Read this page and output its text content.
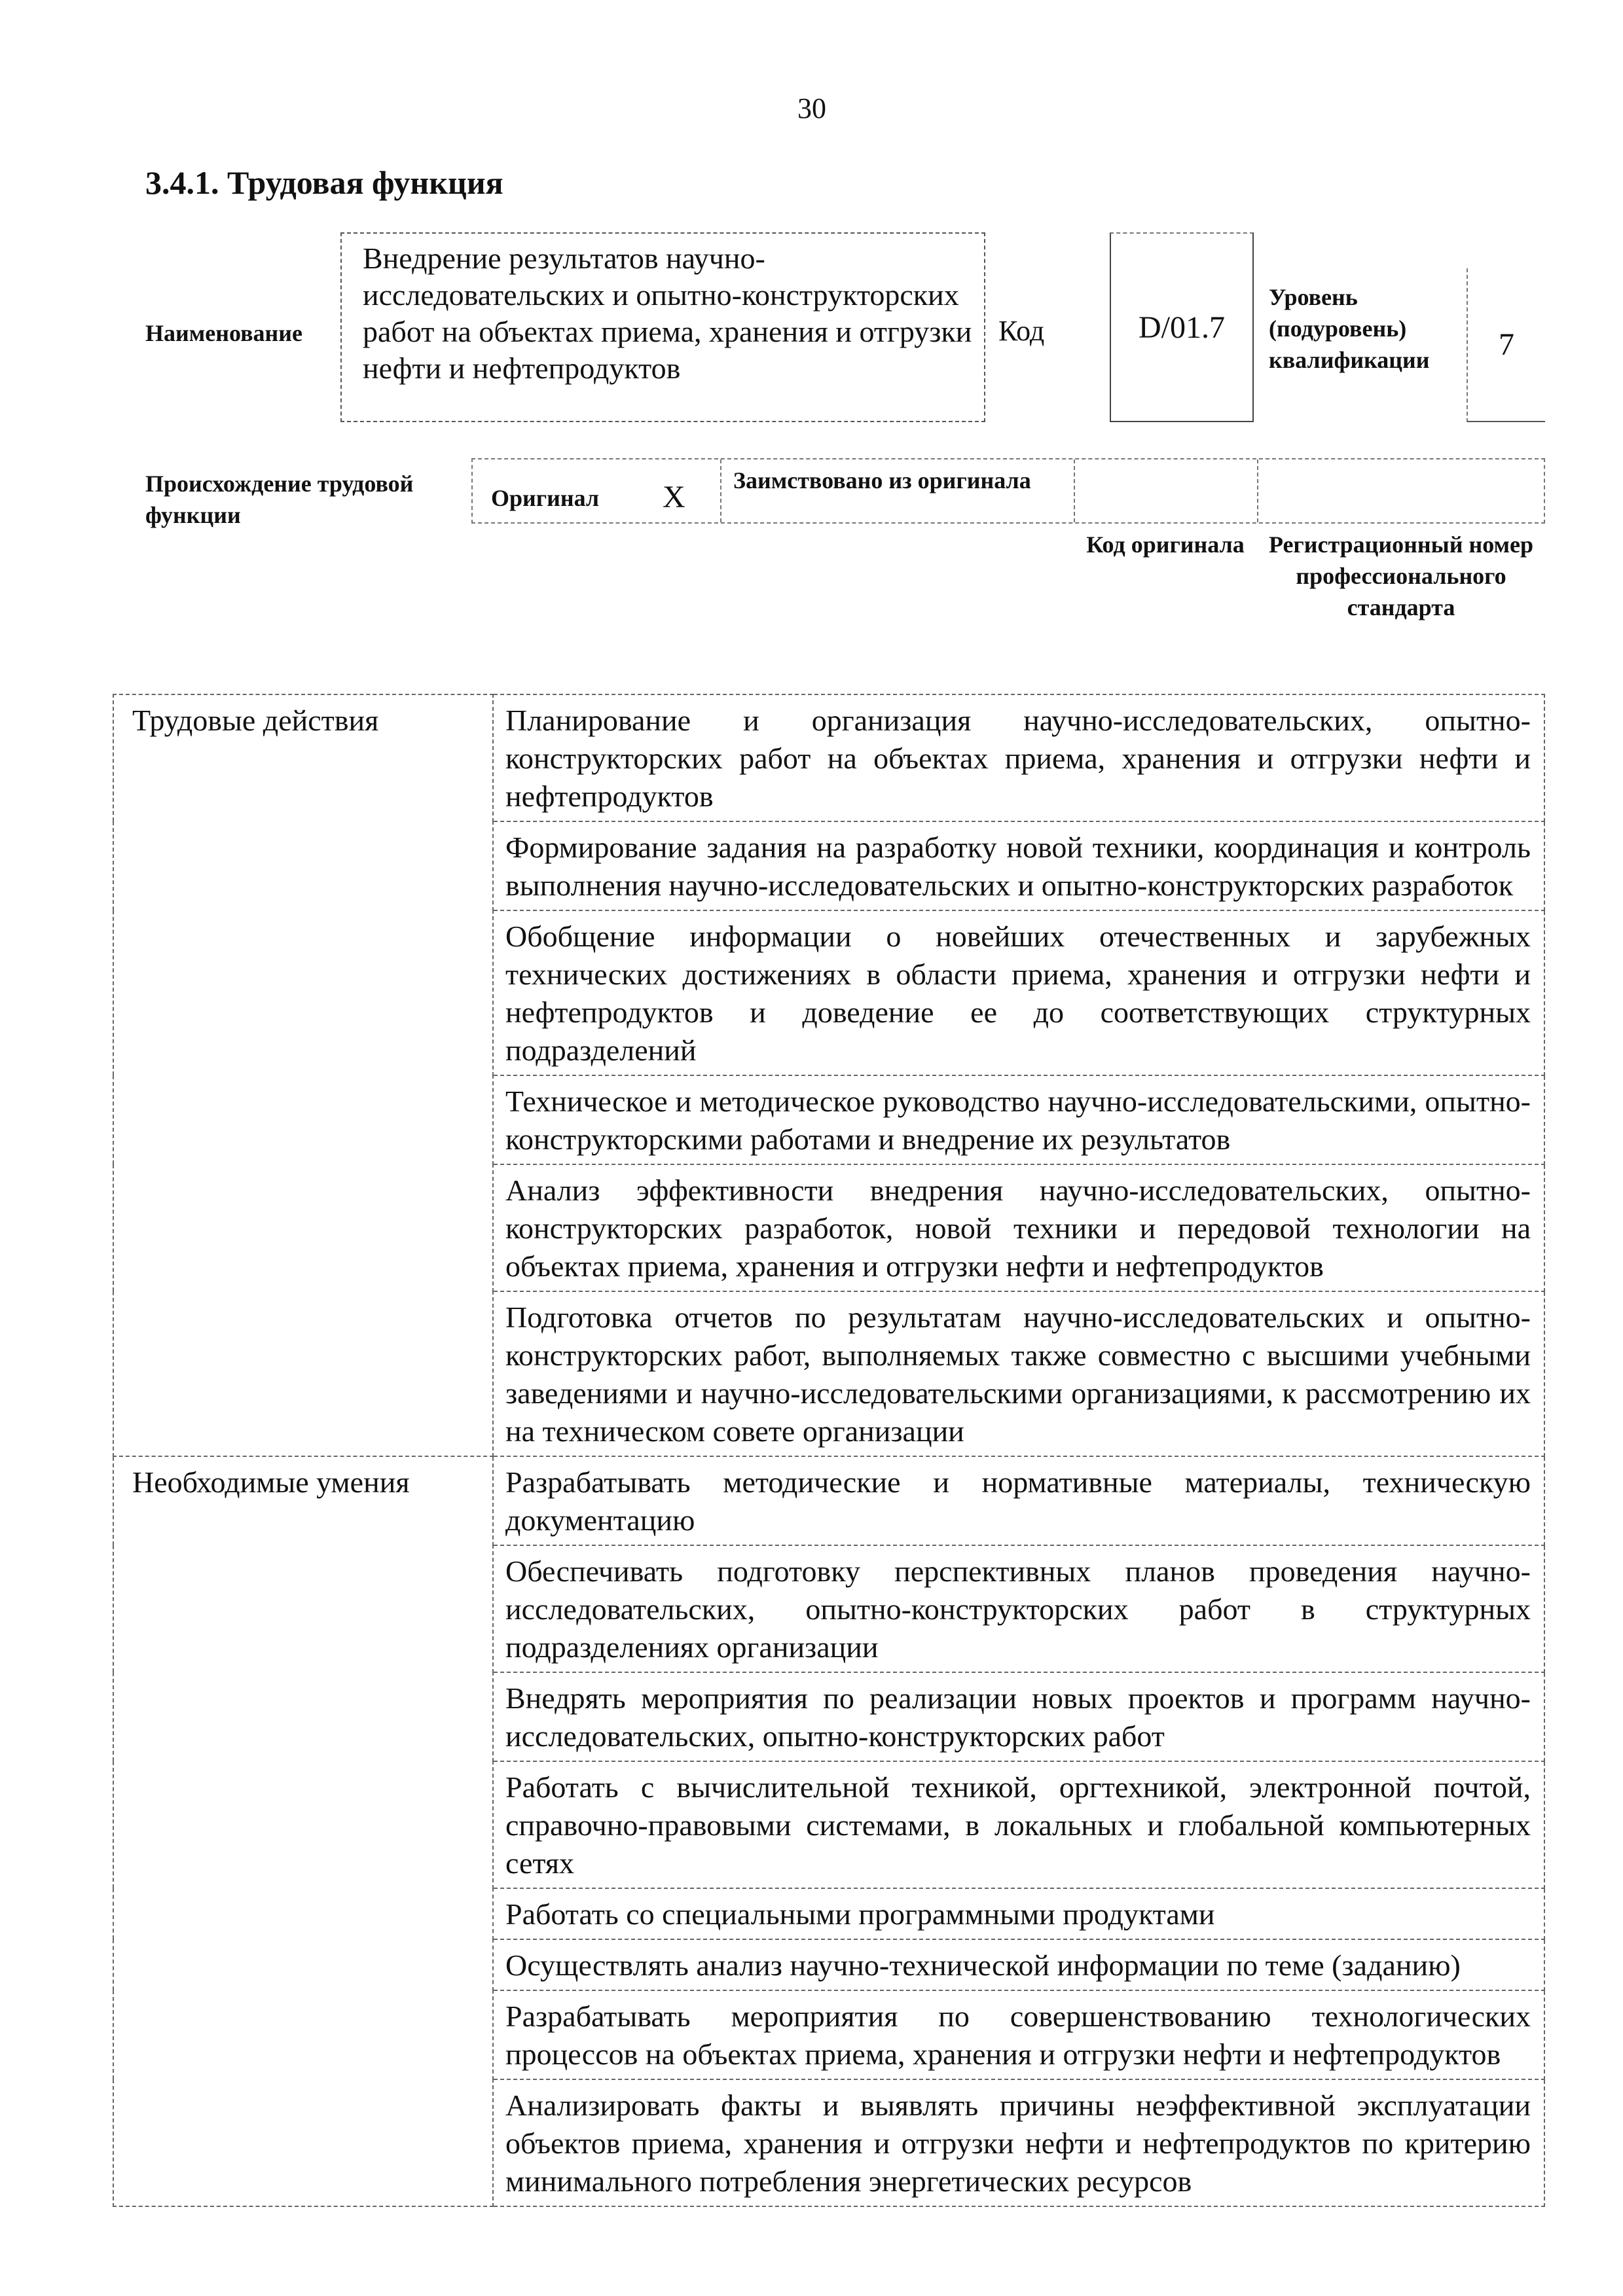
30
3.4.1. Трудовая функция
Наименование
Внедрение результатов научно-исследовательских и опытно-конструкторских работ на объектах приема, хранения и отгрузки нефти и нефтепродуктов
Код	D/01.7
Уровень (подуровень) квалификации	7
Происхождение трудовой функции
Оригинал X Заимствовано из оригинала
Код оригинала	Регистрационный номер профессионального стандарта
Трудовые действия	Планирование и организация научно-исследовательских, опытно-конструкторских работ на объектах приема, хранения и отгрузки нефти и нефтепродуктов
	Формирование задания на разработку новой техники, координация и контроль выполнения научно-исследовательских и опытно-конструкторских разработок
	Обобщение информации о новейших отечественных и зарубежных технических достижениях в области приема, хранения и отгрузки нефти и нефтепродуктов и доведение ее до соответствующих структурных подразделений
	Техническое и методическое руководство научно-исследовательскими, опытно-конструкторскими работами и внедрение их результатов
	Анализ эффективности внедрения научно-исследовательских, опытно-конструкторских разработок, новой техники и передовой технологии на объектах приема, хранения и отгрузки нефти и нефтепродуктов
	Подготовка отчетов по результатам научно-исследовательских и опытно-конструкторских работ, выполняемых также совместно с высшими учебными заведениями и научно-исследовательскими организациями, к рассмотрению их на техническом совете организации
Необходимые умения	Разрабатывать методические и нормативные материалы, техническую документацию
	Обеспечивать подготовку перспективных планов проведения научно-исследовательских, опытно-конструкторских работ в структурных подразделениях организации
	Внедрять мероприятия по реализации новых проектов и программ научно-исследовательских, опытно-конструкторских работ
	Работать с вычислительной техникой, оргтехникой, электронной почтой, справочно-правовыми системами, в локальных и глобальной компьютерных сетях
	Работать со специальными программными продуктами
	Осуществлять анализ научно-технической информации по теме (заданию)
	Разрабатывать мероприятия по совершенствованию технологических процессов на объектах приема, хранения и отгрузки нефти и нефтепродуктов
	Анализировать факты и выявлять причины неэффективной эксплуатации объектов приема, хранения и отгрузки нефти и нефтепродуктов по критерию минимального потребления энергетических ресурсов
